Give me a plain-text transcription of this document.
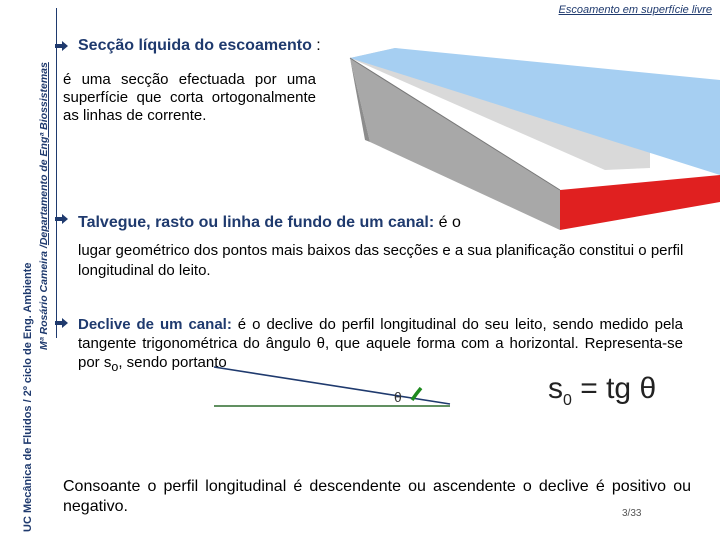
UC Mecânica de Fluidos / 2º ciclo de Eng. Ambiente Mª Rosário Cameira /Departamento de Engª Biossistemas
Escoamento em superfície livre
Secção líquida do escoamento :
é uma secção efectuada por uma superfície que corta ortogonalmente as linhas de corrente.
Talvegue, rasto ou linha de fundo de um canal: é o
lugar geométrico dos pontos mais baixos das secções e a sua planificação constitui o perfil longitudinal do leito.
Declive de um canal: é o declive do perfil longitudinal do seu leito, sendo medido pela tangente trigonométrica do ângulo θ, que aquele forma com a horizontal. Representa-se por $s_o$, sendo portanto
$s_0$ = tg θ
θ
Consoante o perfil longitudinal é descendente ou ascendente o declive é positivo ou negativo.	3/33
